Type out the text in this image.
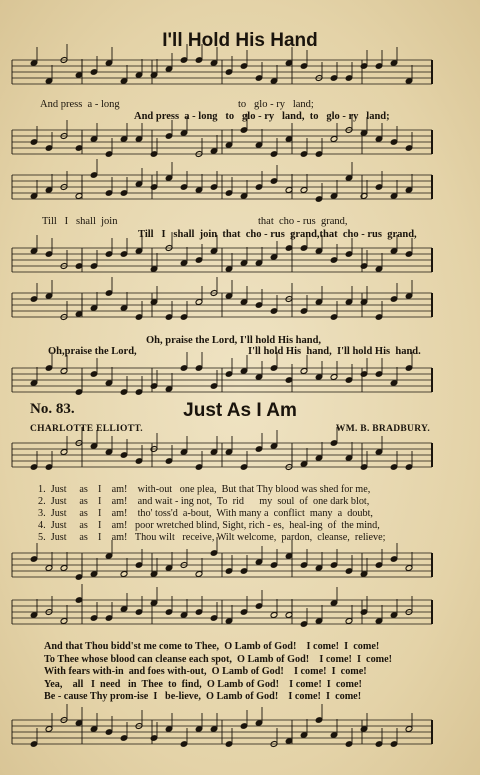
I'll Hold His Hand
And press  a - long	to   glo - ry   land;
And press  a - long   to   glo - ry   land,  to   glo - ry   land;
Till   I   shall  join	that  cho - rus  grand,
Till   I   shall  join  that  cho - rus  grand,that  cho - rus  grand,
Oh, praise the Lord, I'll hold His hand,
Oh,praise the Lord,	I'll hold His  hand,  I'll hold His  hand.
No. 83.	Just As I Am
CHARLOTTE ELLIOTT.	WM. B. BRADBURY.
1.  Just     as    I    am!    with-out   one plea,  But that Thy blood was shed for me,
2.  Just     as    I    am!    and wait - ing not,  To  rid      my  soul  of  one dark blot,
3.  Just     as    I    am!    tho' toss'd  a-bout,  With many a  conflict  many  a  doubt,
4.  Just     as    I    am!   poor wretched blind, Sight, rich - es,  heal-ing  of  the mind,
5.  Just     as    I    am!   Thou wilt   receive, Wilt welcome,  pardon,  cleanse,  relieve;
And that Thou bidd'st me come to Thee,  O Lamb of God!    I come!  I  come!
To Thee whose blood can cleanse each spot,  O Lamb of God!    I come!  I  come!
With fears with-in  and foes with-out,  O Lamb of God!    I come!  I  come!
Yea,    all   I  need   in  Thee  to  find,  O Lamb of God!    I come!  I  come!
Be - cause Thy prom-ise  I   be-lieve,  O Lamb of God!    I come!  I  come!
